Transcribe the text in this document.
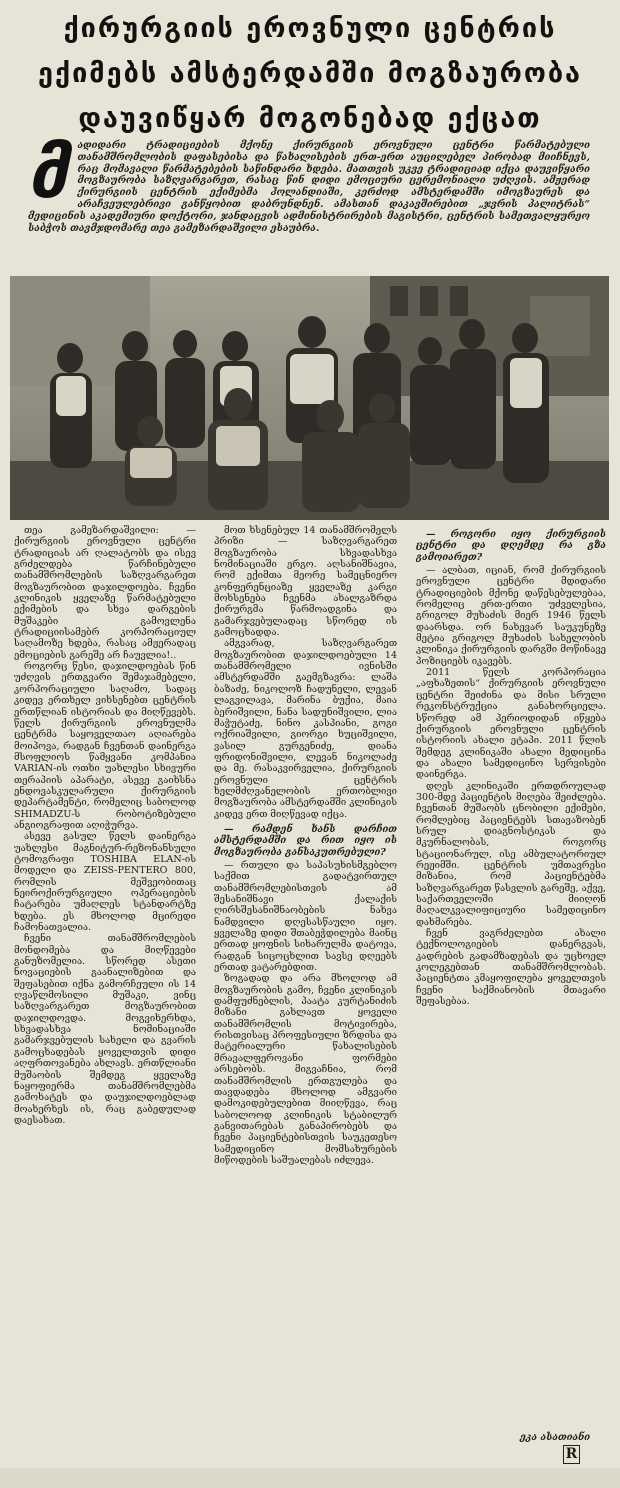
ქირურგიის ეროვნული ცენტრის
ექიმებს ამსტერდამში მოგზაურობა
დაუვიწყარ მოგონებად ექცათ
მ ადიდარი ტრადიციების მქონე ქირურგიის ეროვნული ცენტრი წარმატებული თანამშრომლობის დაფასებისა და წახალისების ერთ-ერთ აუცილებელ პირობად მიიჩნევს, რაც მომავალი წარმატებების საწინდარი ხდება. მათთვის უკვე ტრადიციად იქცა დაუვიწყარი მოგზაურობა საზღვარგარეთ, რასაც წინ დიდი ემოციური ცერემონიალი უძღვის. ამჟერად ქირურგიის ცენტრის ექიმებმა ჰოლანდიაში, კერძოდ ამსტერდამში იმოგზაურეს და არაჩვეულებრივი განწყობით დაბრუნდნენ. ამასთან დაკავშირებით „ჯვრის პალიტრას“ მედიცინის აკადემიური დოქტორი, ჯანდაცვის ადმინისტრირების მაგისტრი, ცენტრის სამეთვალყურეო საბჭოს თავმჯდომარე თეა გამეზარდაშვილი ესაუბრა.

თეა გამეზარდაშვილი: — ქირურგიის ეროვნული ცენტრი ტრადიციას არ ღალატობს და ისევ გრძელდება წარჩინებული თანამშრომლების საზღვარგარეთ მოგზაურობით დაჯილდოება. ჩვენი კლინიკის ყველაზე წარმატებული ექიმების და სხვა დარგების მუშაკები გამოვლენა ტრადიციისამებრ კორპორაციულ საღამოზე ხდება, რასაც ამჟერადაც ემოციების გარეშე არ ჩაუვლია!..

როგორც წესი, დაჯილდოებას წინ უძღვის ერთგვარი შემაჯამებელი, კორპორაციული საღამო, სადაც კიდევ ერთხელ ვიხსენებთ ცენტრის ერთწლიან ისტორიას და მიღწევებს. წელს ქირურგიის ეროვნულმა ცენტრმა საყოველთაო აღიარება მოიპოვა, რადგან ჩვენთან დაინერგა მსოფლიოს წამყვანი კომპანია VARIAN-ის ოთხი უახლესი სხივური თერაპიის აპარატი, ასევე გაიხსნა ენდოვასკულარული ქირურგიის დეპარტამენტი, რომელიც საბოლოდ SHIMADZU-ს რობოტიზებული ანგიოგრაფით აღიჭურვა.

ასევე გასულ წელს დაინერგა უახლესი მაგნიტურ-რეზონანსული ტომოგრაფი TOSHIBA ELAN-ის მოდელი და ZEISS-PENTERO 800, რომლის მეშვეობითაც ნეიროქირურგიული ოპერაციების ჩატარება უმაღლეს სტანდარტზე ხდება. ეს მხოლოდ მცირედი ჩამონათვალია.

ჩვენი თანამშრომლების მონდომება და მიღწევები განუზომელია. სწორედ ასეთი ნოვაციების გაანალიზებით და შეფასებით იქნა გამორჩეული ის 14 ღვაწლმოსილი მუშაკი, ვინც საზღვარგარეთ მოგზაურობით დაჯილდოვდა. მოგვიხერხდა, სხვადასხვა ნომინაციაში გამარჯვებულის სახელი და გვარის გამოცხადებას ყოველთვის დიდი აღფრთოვანება ახლავს. ერთწლიანი მუშაობის შემდეგ ყველაზე ნაყოფიერმა თანამშრომლებმა გამოხატეს და დაუჯილდოებლად მოახერხეს ის, რაც გაბედულად დაესახათ.

მოთ ხსენებულ 14 თანამშრომელს პრიზი — საზღვარგარეთ მოგზაურობა სხვადასხვა ნომინაციაში ერგო. აღსანიშნავია, რომ ექიმთა მეორე სამეცნიერო კონფერენციაზე ყველაზე კარგი მოხსენება ჩვენმა ახალგაზრდა ქირურგმა წარმოადგინა და გამარჯვებულადაც სწორედ ის გამოცხადდა.

ამგვარად, საზღვარგარეთ მოგზაურობით დაჯილდოებული 14 თანამშრომელი ივნისში ამსტერდამში გაემგზავრა: ლაშა ბაზაძე, ნიკოლოზ ჩადუნელი, ლევან ლაგვილავა, მარინა ბუქია, მაია ბერიშვილი, ნანა სადუნიშვილი, ლია მაჭუტაძე, ნინო კასპიანი, გოგი ოქრიაშვილი, გიორგი ხუციშვილი, ვასილ გურგენიძე, დიანა ფრიდონიშვილი, ლევან ნიკოლაძე და მე. რასაკვირველია, ქირურგიის ეროვნული ცენტრის ხელმძღვანელობის ერთობლივი მოგზაურობა ამსტერდამში კლინიკის კიდევ ერთ მიღწევად იქცა.

— რამდენ ხანს დარჩით ამსტერდამში და რით იყო ის მოგზაურობა განსაკუთრებული?

— რთული და საპასუხისმგებლო საქმით გადატვირთულ თანამშრომლებისთვის ამ შესანიშნავი ქალაქის ღირსშესანიშნაობების ნახვა ნამდვილი დღესასწაული იყო. ყველაზე დიდი შთაბეჭდილება მაინც ერთად ყოფნის სიხარულმა დატოვა, რადგან სიცოცხლით სავსე დღეებს ერთად ვატარებდით.

ზოგადად და არა მხოლოდ ამ მოგზაურობის გამო, ჩვენი კლინიკის დამფუძნებლის, პაატა კურტანიძის მიზანი გახლავთ ყოველი თანამშრომლის მოტივირება, რისთვისაც პროფესიული ზრდისა და მატერიალური წახალისების მრავალფეროვანი ფორმები არსებობს. მიგვაჩნია, რომ თანამშრომლის ერთგულება და თავდადება მხოლოდ ამგვარი დამოკიდებულებით მიიღწევა, რაც საბოლოოდ კლინიკის სტაბილურ განვითარებას განაპირობებს და ჩვენი პაციენტებისთვის საუკეთესო სამედიცინო მომსახურების მიწოდების საშუალებას იძლევა.

— როგორი იყო ქირურგიის ცენტრი და დღემდე რა გზა გამოიარეთ?

— ალბათ, იციან, რომ ქირურგიის ეროვნული ცენტრი მდიდარი ტრადიციების მქონე დაწესებულებაა, რომელიც ერთ-ერთი უძველესია, გრიგოლ მუხაძის მიერ 1946 წელს დაარსდა. ორ ნახევარ საუკუნეზე მეტია გრიგოლ მუხაძის სახელობის კლინიკა ქირურგიის დარგში მოწინავე პოზიციებს იკავებს.

2011 წელს კორპორაცია „აფხაზეთის“ ქირურგიის ეროვნული ცენტრი შეიძინა და მისი სრული რეკონსტრუქცია განახორციელა. სწორედ ამ პერიოდიდან იწყება ქირურგიის ეროვნული ცენტრის ისტორიის ახალი ეტაპი. 2011 წლის შემდეგ კლინიკაში ახალი მედიცინა და ახალი სამედიცინო სერვისები დაინერგა.

დღეს კლინიკაში ერთდროულად 300-მდე პაციენტის მიღება შეიძლება. ჩვენთან მუშაობს ცნობილი ექიმები, რომლებიც პაციენტებს სთავაზობენ სრულ დიაგნოსტიკას და მკურნალობას, როგორც სტაციონარულ, ისე ამბულატორიულ რეჟიმში. ცენტრის უმთავრესი მიზანია, რომ პაციენტებმა საზღვარგარეთ წასვლის გარეშე, აქვე, საქართველოში მიიღონ მაღალკვალიფიციური სამედიცინო დახმარება.

ჩვენ ვაგრძელებთ ახალი ტექნოლოგიების დანერგვას, კადრების გადამზადებას და უცხოელ კოლეგებთან თანამშრომლობას. პაციენტთა კმაყოფილება ყოველთვის ჩვენი საქმიანობის მთავარი შეფასებაა.

ეკა ასათიანი
R
